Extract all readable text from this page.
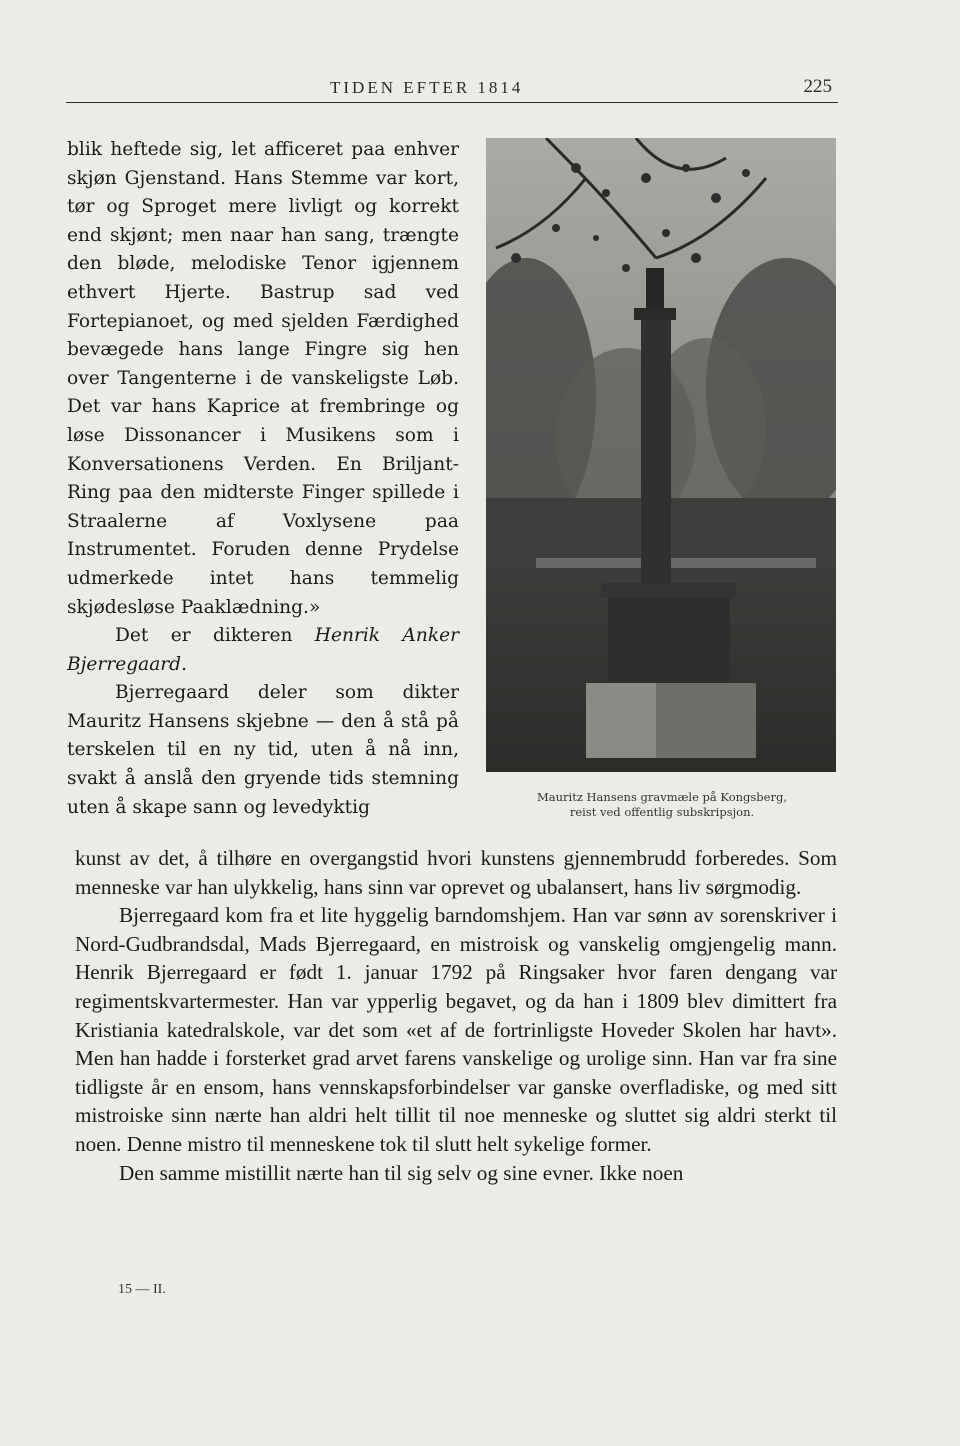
TIDEN EFTER 1814	225

blik heftede sig, let afficeret paa enhver skjøn Gjenstand. Hans Stemme var kort, tør og Sproget mere livligt og korrekt end skjønt; men naar han sang, trængte den bløde, melodiske Tenor igjennem ethvert Hjerte. Bastrup sad ved Fortepianoet, og med sjelden Færdighed bevægede hans lange Fingre sig hen over Tangenterne i de vanskeligste Løb. Det var hans Kaprice at frembringe og løse Dissonancer i Musikens som i Konversationens Verden. En Briljant-Ring paa den midterste Finger spillede i Straalerne af Voxlysene paa Instrumentet. Foruden denne Prydelse udmerkede intet hans temmelig skjødesløse Paaklædning.»

Det er dikteren Henrik Anker Bjerregaard.

Bjerregaard deler som dikter Mauritz Hansens skjebne — den å stå på terskelen til en ny tid, uten å nå inn, svakt å anslå den gryende tids stemning uten å skape sann og levedyktig	Mauritz Hansens gravmæle på Kongsberg,
reist ved offentlig subskripsjon.

kunst av det, å tilhøre en overgangstid hvori kunstens gjennembrudd forberedes. Som menneske var han ulykkelig, hans sinn var oprevet og ubalansert, hans liv sørgmodig.

Bjerregaard kom fra et lite hyggelig barndomshjem. Han var sønn av sorenskriver i Nord-Gudbrandsdal, Mads Bjerregaard, en mistroisk og vanskelig omgjengelig mann. Henrik Bjerregaard er født 1. januar 1792 på Ringsaker hvor faren dengang var regimentskvartermester. Han var ypperlig begavet, og da han i 1809 blev dimittert fra Kristiania katedralskole, var det som «et af de fortrinligste Hoveder Skolen har havt». Men han hadde i forsterket grad arvet farens vanskelige og urolige sinn. Han var fra sine tidligste år en ensom, hans vennskapsforbindelser var ganske overfladiske, og med sitt mistroiske sinn nærte han aldri helt tillit til noe menneske og sluttet sig aldri sterkt til noen. Denne mistro til menneskene tok til slutt helt sykelige former.

Den samme mistillit nærte han til sig selv og sine evner. Ikke noen

15 — II.
